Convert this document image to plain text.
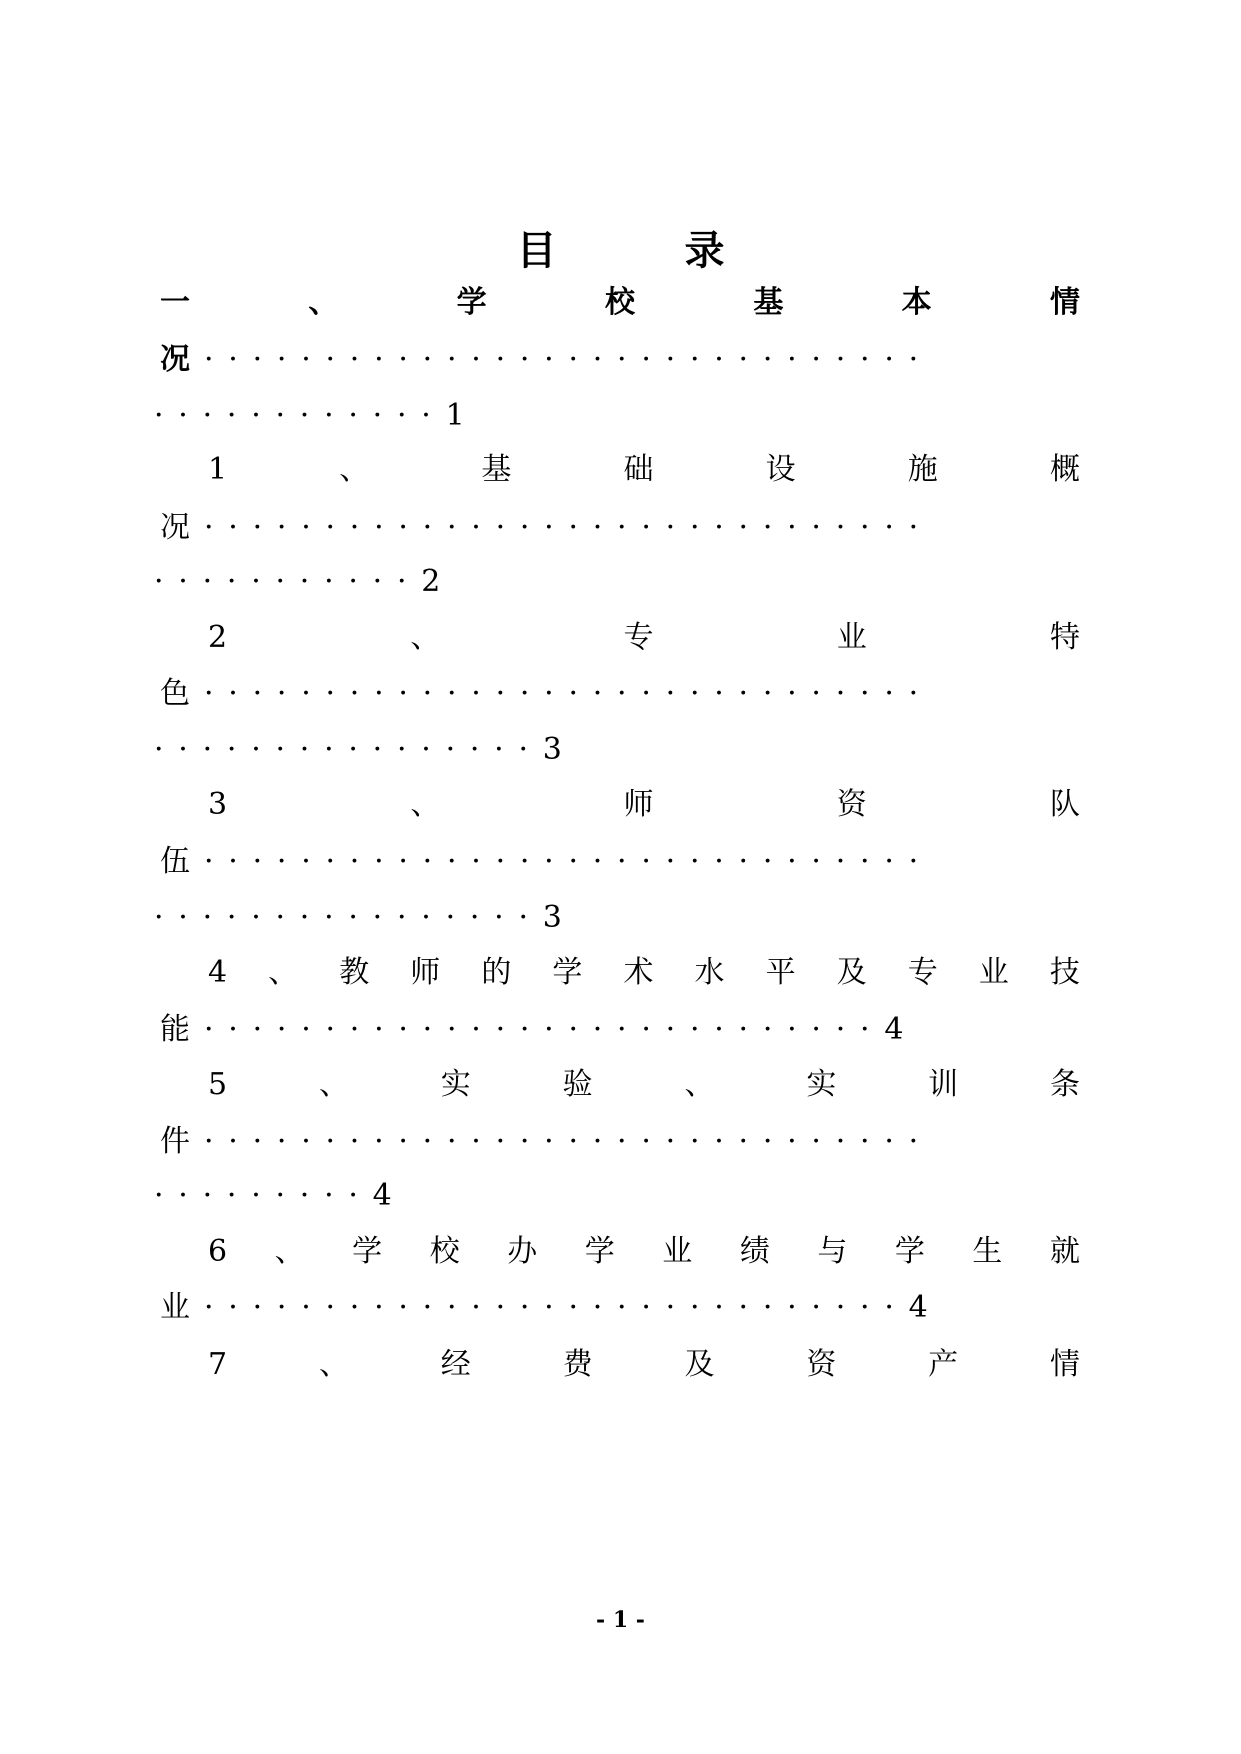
目	录
一	、	学	校	基	本	情
况 · · · · · · · · · · · · · · · · · · · · · · · · · · · · · ·
· · · · · · · · · · · · 1
1	、	基	础	设	施	概
况 · · · · · · · · · · · · · · · · · · · · · · · · · · · · · ·
· · · · · · · · · · · 2
2	、	专	业	特
色 · · · · · · · · · · · · · · · · · · · · · · · · · · · · · ·
· · · · · · · · · · · · · · · · 3
3	、	师	资	队
伍 · · · · · · · · · · · · · · · · · · · · · · · · · · · · · ·
· · · · · · · · · · · · · · · · 3
4 、 教 师 的 学 术 水 平 及 专 业 技
能 · · · · · · · · · · · · · · · · · · · · · · · · · · · · 4
5	、	实	验	、	实	训	条
件 · · · · · · · · · · · · · · · · · · · · · · · · · · · · · ·
· · · · · · · · · 4
6 、 学 校 办 学 业 绩 与 学 生 就
业 · · · · · · · · · · · · · · · · · · · · · · · · · · · · · 4
7	、	经	费	及	资	产	情
- 1 -
